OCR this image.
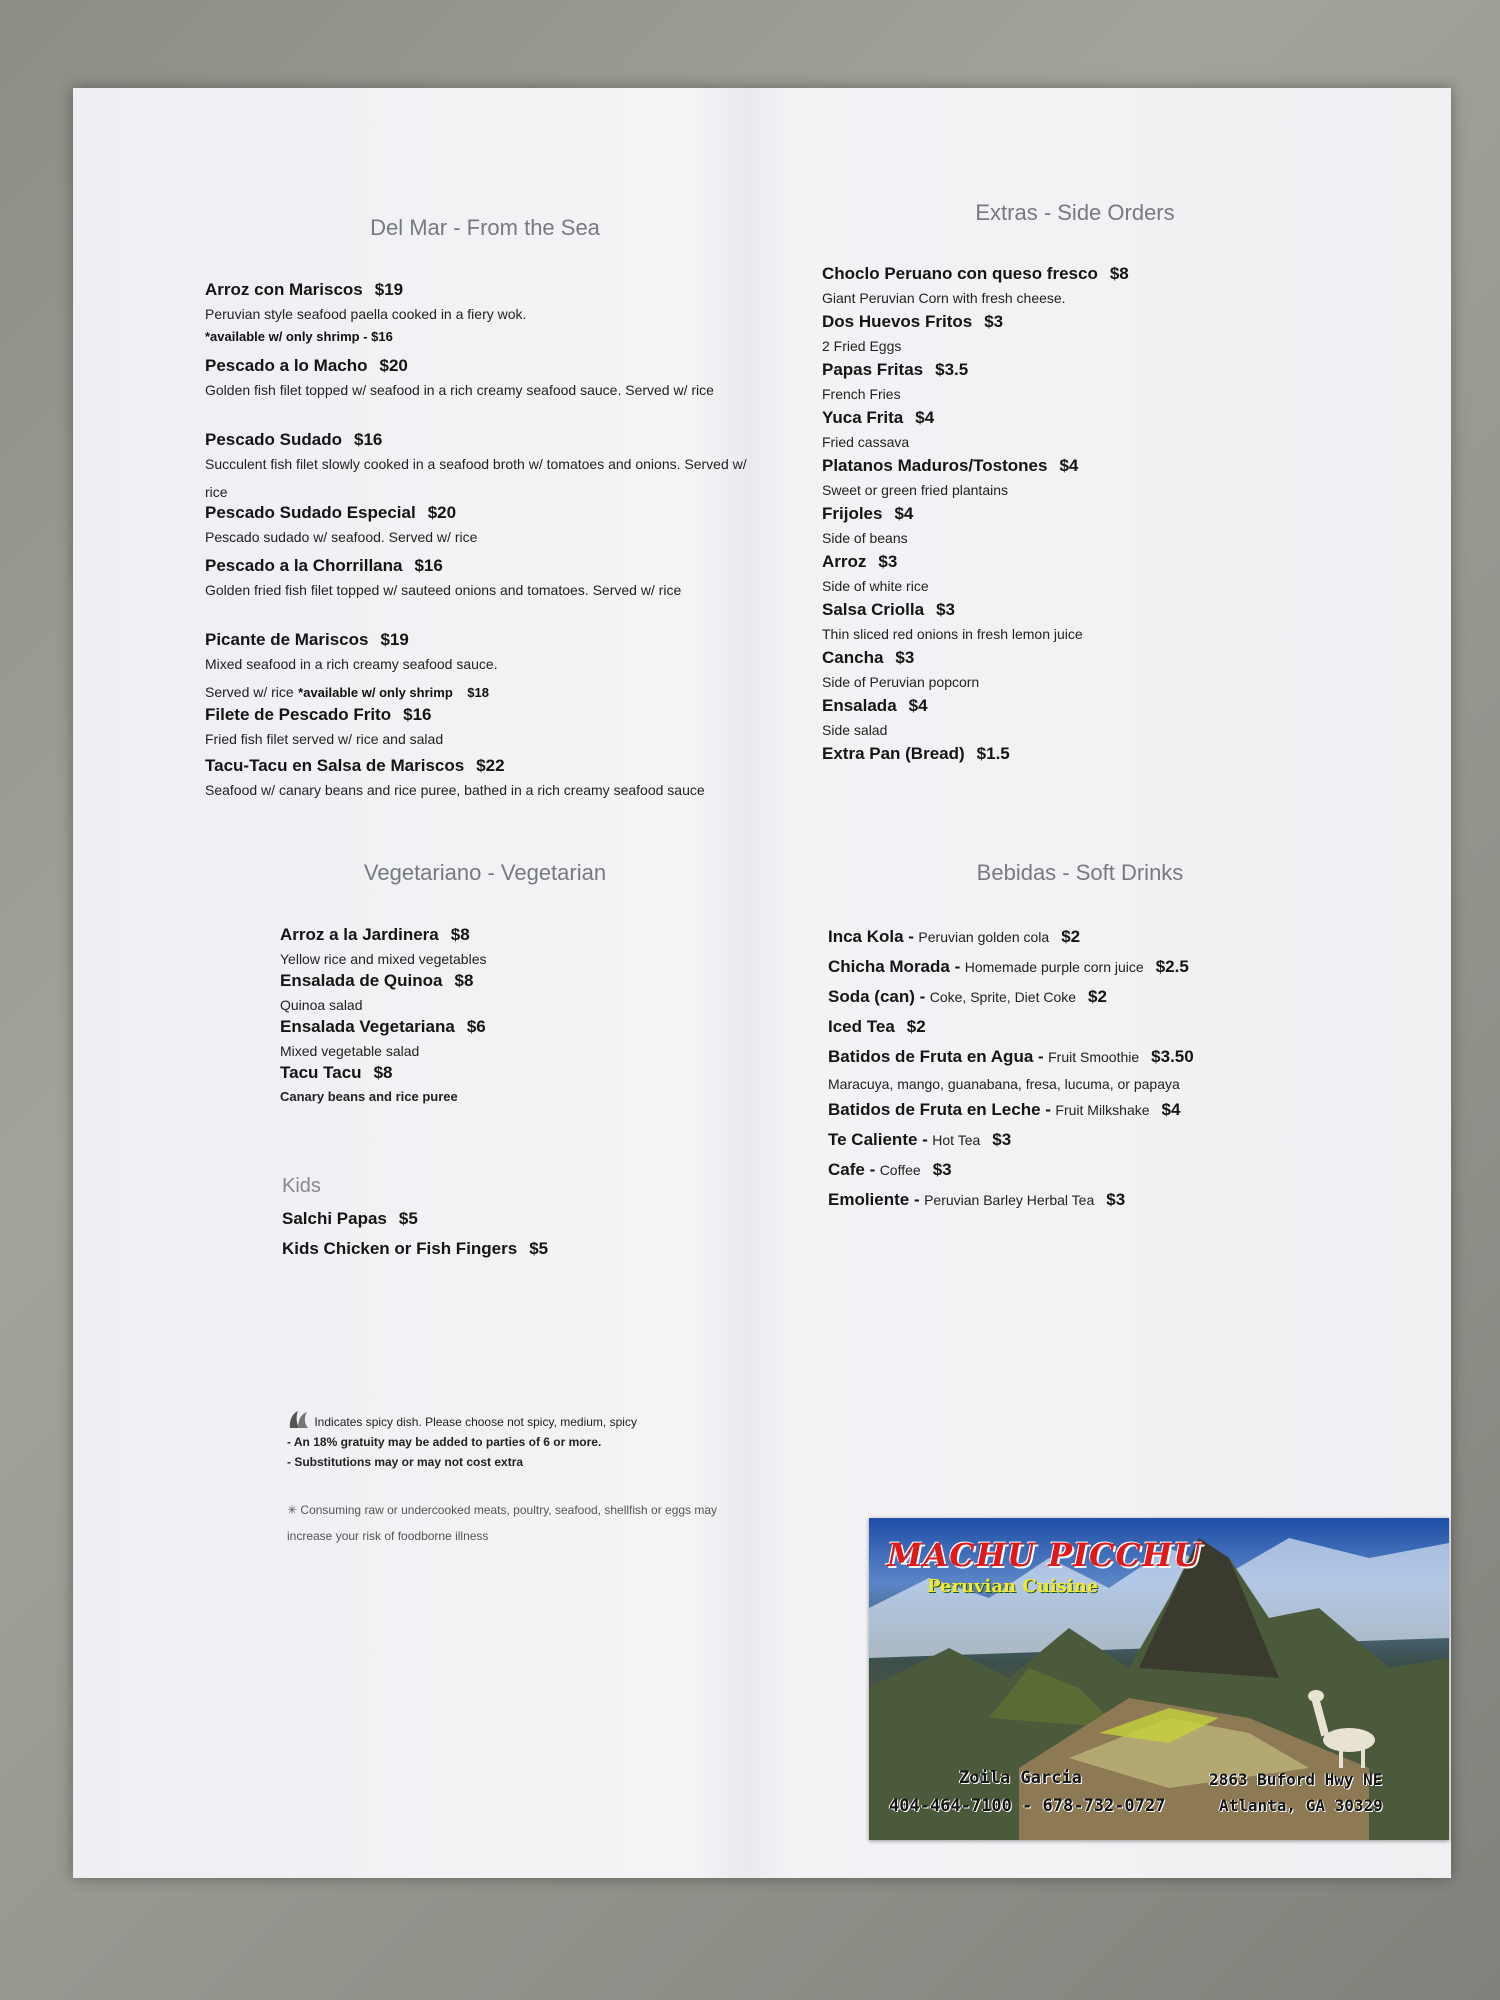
Del Mar - From the Sea

Arroz con Mariscos $19
Peruvian style seafood paella cooked in a fiery wok.
*available w/ only shrimp - $16
Pescado a lo Macho $20
Golden fish filet topped w/ seafood in a rich creamy seafood sauce. Served w/ rice
Pescado Sudado $16
Succulent fish filet slowly cooked in a seafood broth w/ tomatoes and onions. Served w/ rice
Pescado Sudado Especial $20
Pescado sudado w/ seafood. Served w/ rice
Pescado a la Chorrillana $16
Golden fried fish filet topped w/ sauteed onions and tomatoes. Served w/ rice
Picante de Mariscos $19
Mixed seafood in a rich creamy seafood sauce.
Served w/ rice *available w/ only shrimp $18
Filete de Pescado Frito $16
Fried fish filet served w/ rice and salad
Tacu-Tacu en Salsa de Mariscos $22
Seafood w/ canary beans and rice puree, bathed in a rich creamy seafood sauce

Vegetariano - Vegetarian

Arroz a la Jardinera $8
Yellow rice and mixed vegetables
Ensalada de Quinoa $8
Quinoa salad
Ensalada Vegetariana $6
Mixed vegetable salad
Tacu Tacu $8
Canary beans and rice puree

Kids

Salchi Papas $5
Kids Chicken or Fish Fingers $5
Indicates spicy dish. Please choose not spicy, medium, spicy
- An 18% gratuity may be added to parties of 6 or more.
- Substitutions may or may not cost extra
✳ Consuming raw or undercooked meats, poultry, seafood, shellfish or eggs may
increase your risk of foodborne illness

Extras - Side Orders

Choclo Peruano con queso fresco $8
Giant Peruvian Corn with fresh cheese.
Dos Huevos Fritos $3
2 Fried Eggs
Papas Fritas $3.5
French Fries
Yuca Frita $4
Fried cassava
Platanos Maduros/Tostones $4
Sweet or green fried plantains
Frijoles $4
Side of beans
Arroz $3
Side of white rice
Salsa Criolla $3
Thin sliced red onions in fresh lemon juice
Cancha $3
Side of Peruvian popcorn
Ensalada $4
Side salad
Extra Pan (Bread) $1.5

Bebidas - Soft Drinks

Inca Kola - Peruvian golden cola $2
Chicha Morada - Homemade purple corn juice $2.5
Soda (can) - Coke, Sprite, Diet Coke $2
Iced Tea $2
Batidos de Fruta en Agua - Fruit Smoothie $3.50
Maracuya, mango, guanabana, fresa, lucuma, or papaya
Batidos de Fruta en Leche - Fruit Milkshake $4
Te Caliente - Hot Tea $3
Cafe - Coffee $3
Emoliente - Peruvian Barley Herbal Tea $3
MACHU PICCHU
Peruvian Cuisine
Zoila Garcia
404-464-7100 - 678-732-0727
2863 Buford Hwy NE
Atlanta, GA 30329
